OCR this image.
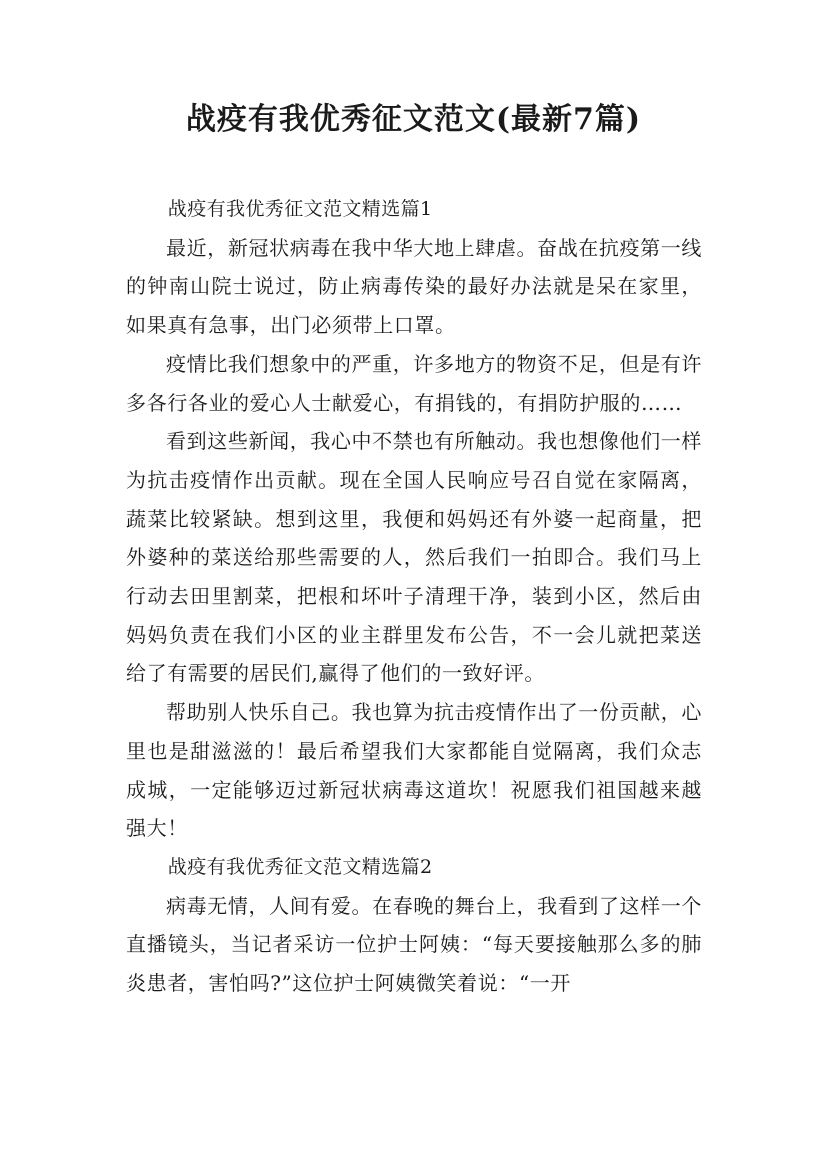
战疫有我优秀征文范文(最新7篇)

战疫有我优秀征文范文精选篇1

最近，新冠状病毒在我中华大地上肆虐。奋战在抗疫第一线的钟南山院士说过，防止病毒传染的最好办法就是呆在家里，如果真有急事，出门必须带上口罩。

疫情比我们想象中的严重，许多地方的物资不足，但是有许多各行各业的爱心人士献爱心，有捐钱的，有捐防护服的……

看到这些新闻，我心中不禁也有所触动。我也想像他们一样为抗击疫情作出贡献。现在全国人民响应号召自觉在家隔离，蔬菜比较紧缺。想到这里，我便和妈妈还有外婆一起商量，把外婆种的菜送给那些需要的人，然后我们一拍即合。我们马上行动去田里割菜，把根和坏叶子清理干净，装到小区，然后由妈妈负责在我们小区的业主群里发布公告，不一会儿就把菜送给了有需要的居民们,赢得了他们的一致好评。

帮助别人快乐自己。我也算为抗击疫情作出了一份贡献，心里也是甜滋滋的！最后希望我们大家都能自觉隔离，我们众志成城，一定能够迈过新冠状病毒这道坎！祝愿我们祖国越来越强大！

战疫有我优秀征文范文精选篇2

病毒无情，人间有爱。在春晚的舞台上，我看到了这样一个直播镜头，当记者采访一位护士阿姨：“每天要接触那么多的肺炎患者，害怕吗?”这位护士阿姨微笑着说：“一开
